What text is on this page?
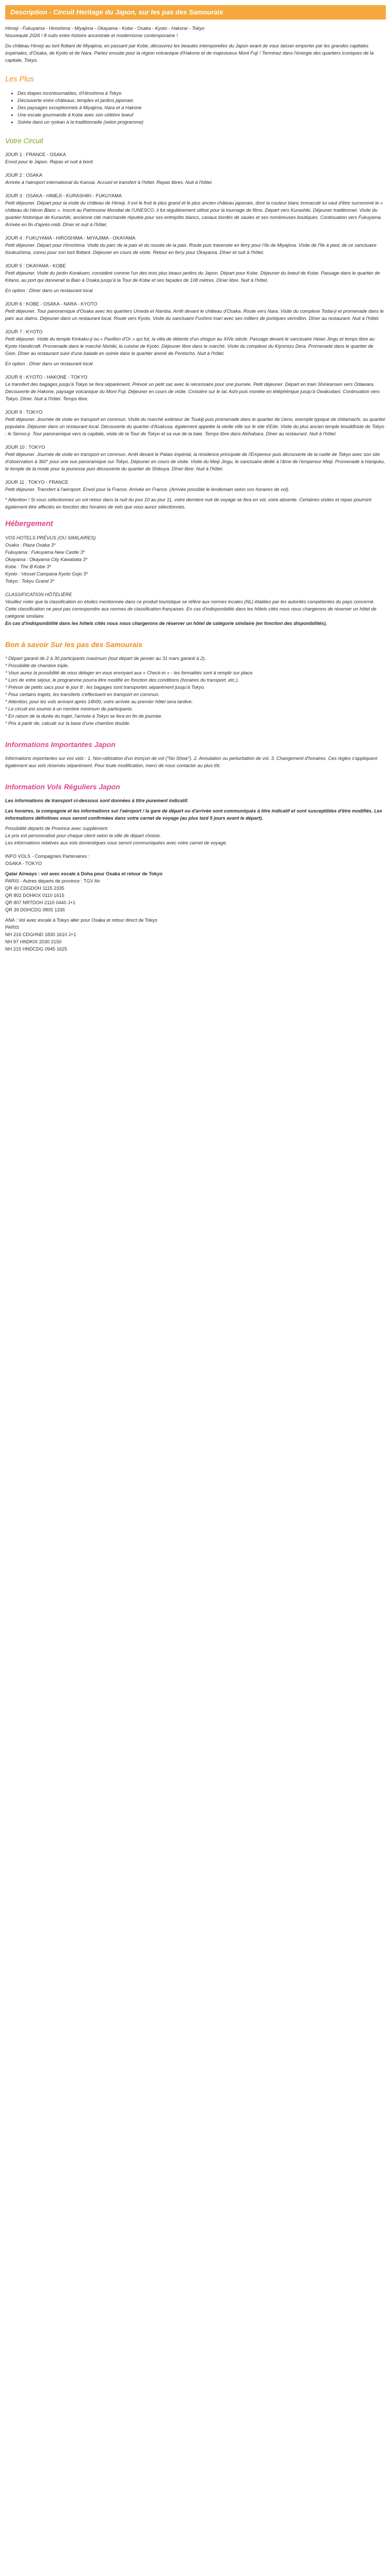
Description - Circuit Heritage du Japon, sur les pas des Samourais
Himeji - Fukuyama - Hiroshima - Miyajima - Okayama - Kobe - Osaka - Kyoto - Hakone - Tokyo
Nouveauté 2026 ! 8 nuits entre histoire ancestrale et modernisme contemporaine !
Du château Himeji au torii flottant de Miyajima, en passant par Kobe, découvrez les beautés intemporelles du Japon avant de vous laisser emporter par les grandes capitales impériales, d'Osaka, de Kyoto et de Nara. Partez ensuite pour la région volcanique d'Hakone et de majestueux Mont Fuji ! Terminez dans l'énergie des quartiers iconiques de la capitale, Tokyo.
Les Plus
• Des étapes incontournables, d'Hiroshima à Tokyo
• Découverte entre châteaux, temples et jardins japonais
• Des paysages exceptionnels à Miyajima, Nara et à Hakone
• Une escale gourmande à Kobe avec son célèbre boeuf
• Soirée dans un ryokan à la traditionnelle (selon programme)
Votre Circuit
JOUR 1 : FRANCE - OSAKA
Envol pour le Japon. Repas et nuit à bord.
JOUR 2 : OSAKA
Arrivée à l'aéroport international du Kansai. Accueil et transfert à l'hôtel. Repas libres. Nuit à l'hôtel.
JOUR 3 : OSAKA - HIMEJI - KURASHIKI - FUKUYAMA
Petit déjeuner. Départ pour la visite du château de Himeji. Il est le fruit le plus grand et le plus ancien château japonais, dont la couleur blanc immaculé lui vaut d'être surnommé le « château du Héron Blanc ». Inscrit au Patrimoine Mondial de l'UNESCO, il fut régulièrement utilisé pour la tournage de films. Départ vers Kurashiki. Déjeuner traditionnel. Visite du quartier historique de Kurashiki, ancienne cité marchande réputée pour ses entrepôts blancs, canaux bordés de saules et ses nombreuses boutiques. Continuation vers Fukuyama. Arrivée en fin d'après-midi. Dîner et nuit à l'hôtel.
JOUR 4 : FUKUYAMA - HIROSHIMA - MIYAJIMA - OKAYAMA
Petit déjeuner. Départ pour Hiroshima. Visite du parc de la paix et du musée de la paix. Route puis traversée en ferry pour l'île de Miyajima. Visite de l'île à pied, de ce sanctuaire Itsukushima, connu pour son torii flottant. Déjeuner en cours de visite. Retour en ferry pour Okayama. Dîner et nuit à l'hôtel.
JOUR 5 : OKAYAMA - KOBE
Petit déjeuner. Visite du jardin Korakuen, considéré comme l'un des trois plus beaux jardins du Japon. Départ pour Kobe. Déjeuner du boeuf de Kobe. Passage dans le quartier de Kitano, au port qui donnerait la Bain à Osaka jusqu'à la Tour de Kobe et ses façades de 108 mètres. Dîner libre. Nuit à l'hôtel.
En option : Dîner dans un restaurant local
JOUR 6 : KOBE - OSAKA - NARA - KYOTO
Petit déjeuner. Tour panoramique d'Osaka avec les quartiers Umeda et Namba. Arrêt devant le château d'Osaka. Route vers Nara. Visite du complexe Todai-ji et promenade dans le parc aux daims. Déjeuner dans un restaurant local. Route vers Kyoto. Visite du sanctuaire Fushimi Inari avec ses milliers de portiques vermillon. Dîner au restaurant. Nuit à l'hôtel.
JOUR 7 : KYOTO
Petit déjeuner. Visite du temple Kinkaku-ji ou « Pavillon d'Or » qui fut, la villa de détente d'un shogun au XIVe siècle. Passage devant le sanctuaire Heian Jingu et temps libre au Kyoto Handicraft. Promenade dans le marché Nishiki, la cuisine de Kyoto. Déjeuner libre dans le marché. Visite du complexe du Kiyomizu Dera. Promenade dans le quartier de Gion. Dîner au restaurant suivi d'une balade en soirée dans le quartier animé de Pontocho. Nuit à l'hôtel.
En option : Dîner dans un restaurant local
JOUR 8 : KYOTO - HAKONE - TOKYO
Le transfert des bagages jusqu'à Tokyo se fera séparément. Prévoir un petit sac avec le nécessaire pour une journée. Petit déjeuner. Départ en train Shinkansen vers Odawara. Découverte de Hakone, paysage volcanique du Mont Fuji. Déjeuner en cours de visite. Croisière sur le lac Ashi puis montée en téléphérique jusqu'à Owakudani. Continuation vers Tokyo. Dîner. Nuit à l'hôtel. Temps libre.
JOUR 9 : TOKYO
Petit déjeuner. Journée de visite en transport en commun. Visite du marché extérieur de Tsukiji puis promenade dans le quartier de Ueno, exemple typique de shitamachi, ou quartier populaire. Déjeuner dans un restaurant local. Découverte du quartier d'Asakusa, également appelée la vieille ville sur le site d'Edo. Visite du plus ancien temple bouddhiste de Tokyo : le Senso-ji. Tour panoramique vers la capitale, visite de la Tour de Tokyo et sa vue de la baie. Temps libre dans Akihabara. Dîner au restaurant. Nuit à l'hôtel.
JOUR 10 : TOKYO
Petit déjeuner. Journée de visite en transport en commun. Arrêt devant le Palais impérial, la résidence principale de l'Empereur puis découverte de la ruelle de Tokyo avec son site d'observation à 360° pour une vue panoramique sur Tokyo. Déjeuner en cours de visite. Visite du Meiji Jingu, le sanctuaire dédié à l'âme de l'empereur Meiji. Promenade à Harajuku, le temple de la mode pour la jeunesse puis découverte du quartier de Shibuya. Dîner libre. Nuit à l'hôtel.
JOUR 11 : TOKYO - FRANCE
Petit déjeuner. Transfert à l'aéroport. Envol pour la France. Arrivée en France. (Arrivée possible le lendemain selon vos horaires de vol).
* Attention ! Si vous sélectionnez un vol retour dans la nuit du jour 10 au jour 11, votre dernière nuit de voyage se fera en vol, voire absente. Certaines visites et repas pourront également être affectés en fonction des horaires de vols que vous aurez sélectionnés.
Hébergement
VOS HOTELS PRÉVUS (OU SIMILAIRES)
Osaka : Plaza Osaka 3*
Fukuyama : Fukuyama New Castle 3*
Okayama : Okayama City Kawabata 3*
Kobe : The B Kobe 3*
Kyoto : Vessel Campana Kyoto Gojo 3*
Tokyo : Tokyu Grand 3*
CLASSIFICATION HÔTELIÈRE
Veuillez noter que la classification en étoiles mentionnée dans ce produit touristique se réfère aux normes locales (NL) établies par les autorités compétentes du pays concerné. Cette classification ne peut pas correspondre aux normes de classification françaises. En cas d'indisponibilité dans les hôtels cités nous nous chargerons de réserver un hôtel de catégorie similaire.
En cas d'indisponibilité dans les hôtels cités nous nous chargerons de réserver un hôtel de catégorie similaire (en fonction des disponibilités).
Bon à savoir Sur les pas des Samourais
* Départ garanti de 2 à 30 participants maximum (tout départ de janvier au 31 mars garanti à 2).
* Possibilité de chambre triple.
* Vous aurez la possibilité de vous déloger en vous envoyant aux « Check-in » - les formalités sont à remplir sur place.
* Lors de votre séjour, le programme pourra être modifié en fonction des conditions (horaires du transport, etc.).
* Prévoir de petits sacs pour le jour 8 : les bagages sont transportés séparément jusqu'à Tokyo.
* Pour certains trajets, les transferts s'effectuent en transport en commun.
* Attention, pour les vols arrivant après 14h00, votre arrivée au premier hôtel sera tardive.
* Le circuit est soumis à un nombre minimum de participants.
* En raison de la durée du trajet, l'arrivée à Tokyo se fera en fin de journée.
* Prix à partir de, calculé sur la base d'une chambre double.
Informations Importantes Japon
Informations importantes sur vos vols : 1. Non-utilisation d'un tronçon de vol ("No Show"). 2. Annulation ou perturbation de vol. 3. Changement d'horaires. Ces règles s'appliquent également aux vols réservés séparément. Pour toute modification, merci de nous contacter au plus tôt.
Information Vols Réguliers Japon
Les informations de transport ci-dessous sont données à titre purement indicatif.
Les horaires, la compagnie et les informations sur l'aéroport / la gare de départ ou d'arrivée sont communiqués à titre indicatif et sont susceptibles d'être modifiés. Les informations définitives vous seront confirmées dans votre carnet de voyage (au plus tard 5 jours avant le départ).
Possibilité départs de Province avec supplément.
Le prix est personnalisé pour chaque client selon la ville de départ choisie.
Les informations relatives aux vols domestiques vous seront communiquées avec votre carnet de voyage.
INFO VOLS - Compagnies Partenaires :
OSAKA - TOKYO
Qatar Airways : vol avec escale à Doha pour Osaka et retour de Tokyo
PARIS - Autres départs de province : TGV Air
QR 40 CDGDOH 1115 2335
QR 802 DOHKIX 0110 1615
QR 807 NRTDOH 2110 0440 J+1
QR 39 DOHCDG 0805 1335
ANA : Vol avec escale à Tokyo aller pour Osaka et retour direct de Tokyo
PARIS
NH 216 CDGHND 1830 1610 J+1
NH 97 HNDKIX 2030 2150
NH 215 HNDCDG 0945 1625
